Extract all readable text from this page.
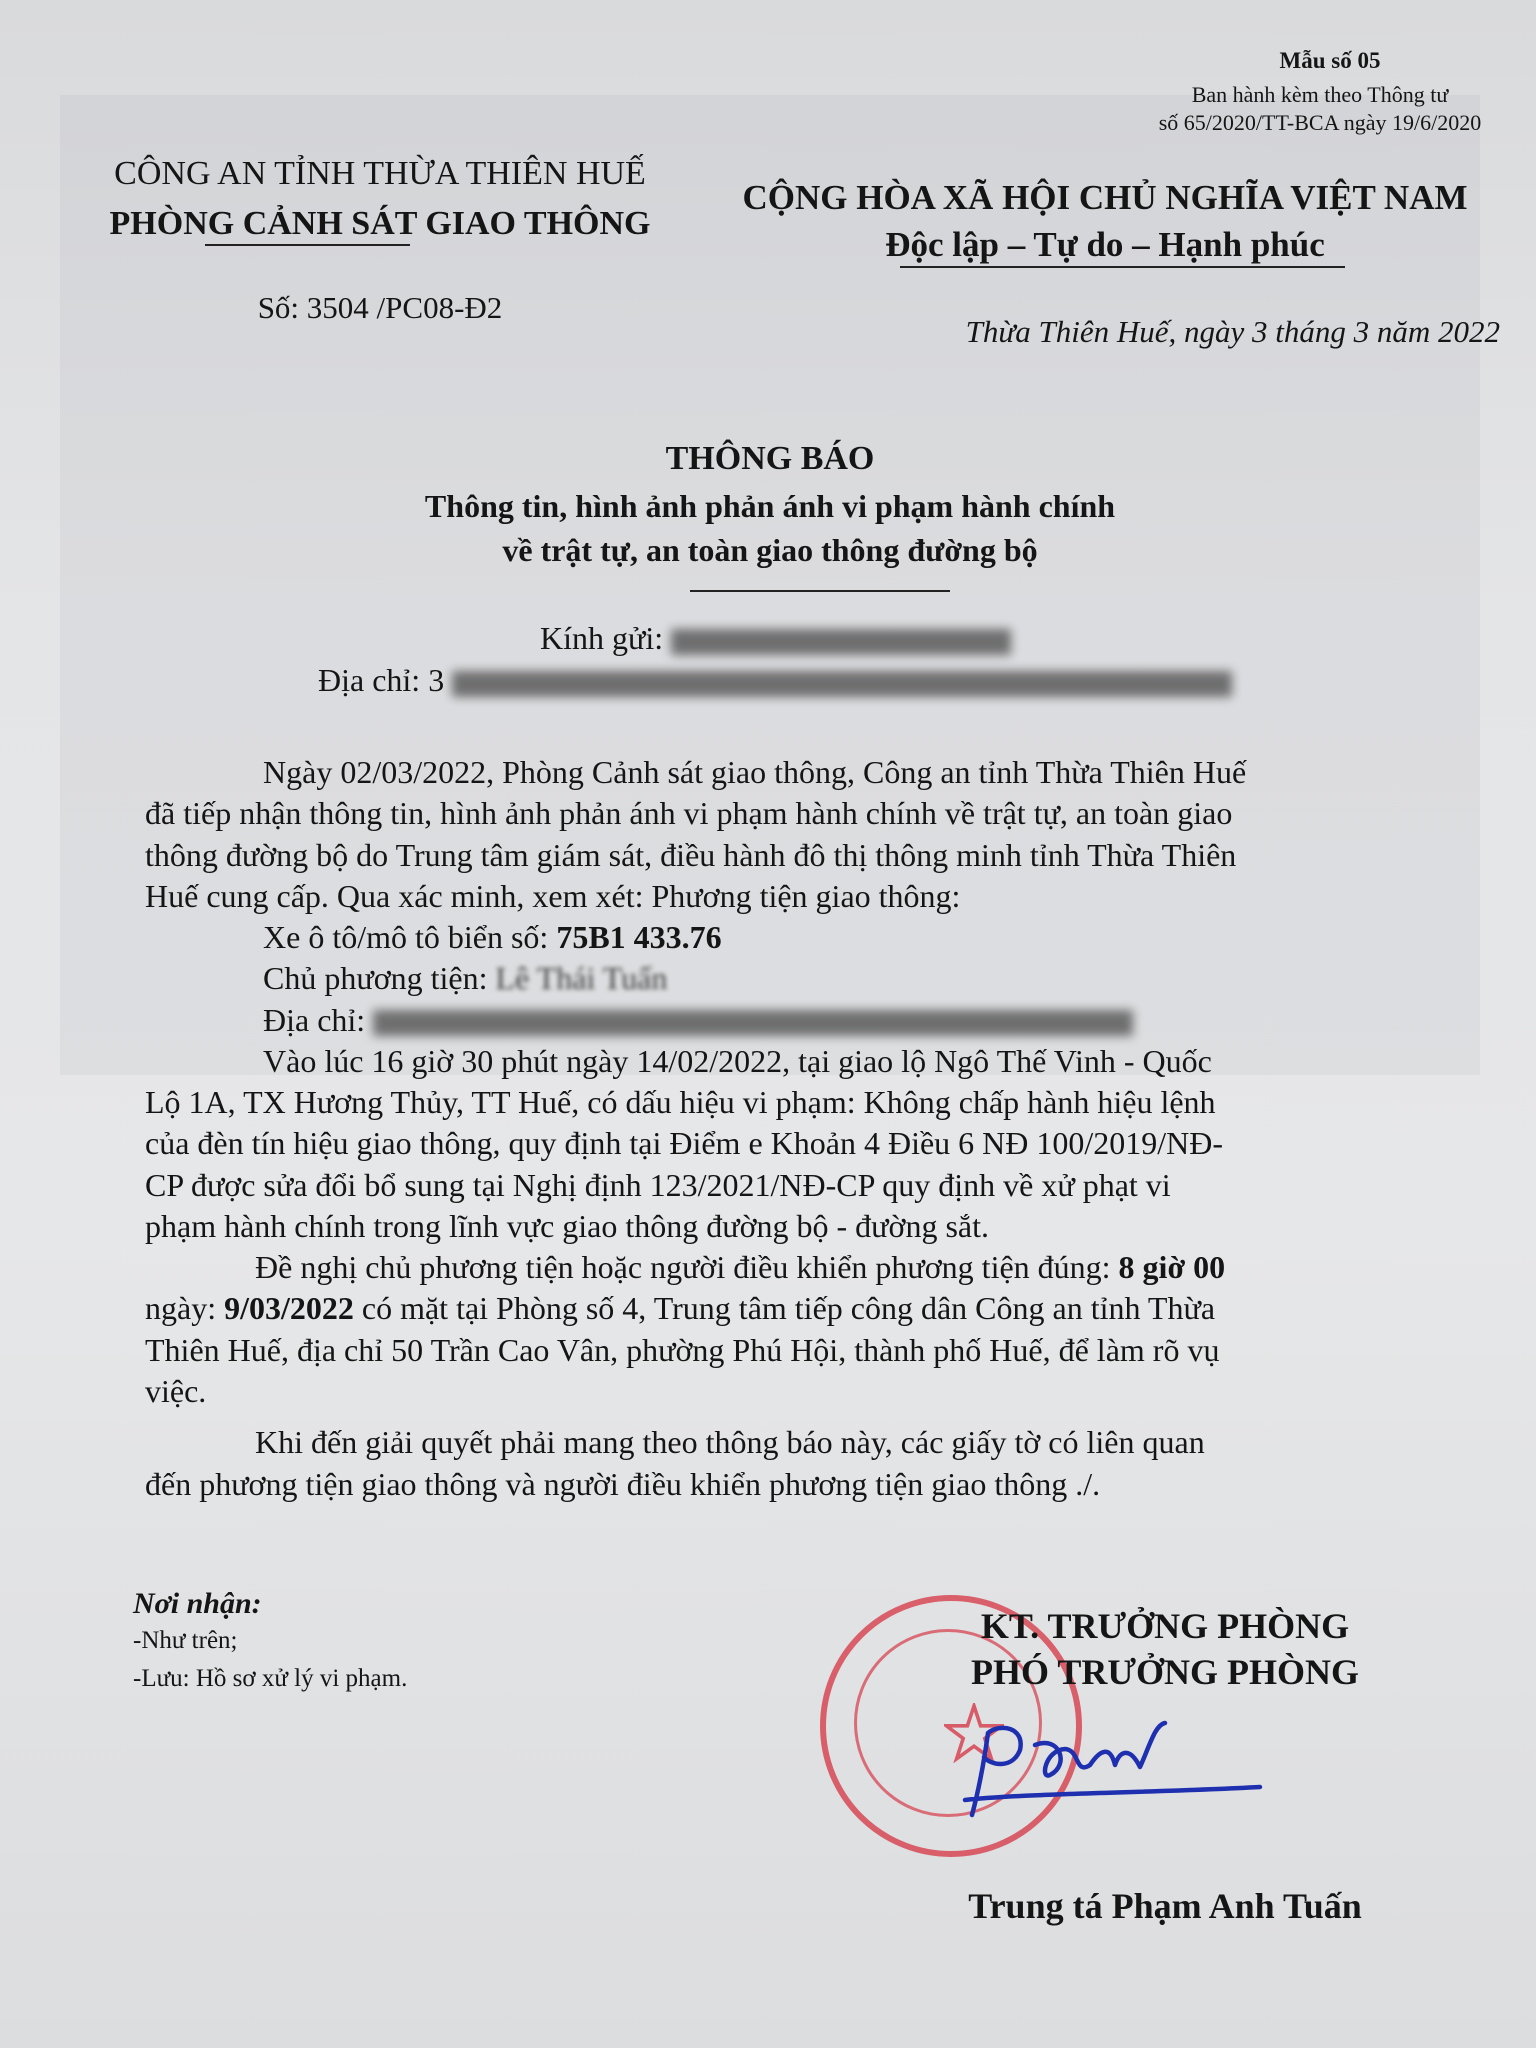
Mẫu số 05
Ban hành kèm theo Thông tư
số 65/2020/TT-BCA ngày 19/6/2020
CÔNG AN TỈNH THỪA THIÊN HUẾ
PHÒNG CẢNH SÁT GIAO THÔNG
Số: 3504 /PC08-Đ2
CỘNG HÒA XÃ HỘI CHỦ NGHĨA VIỆT NAM
Độc lập – Tự do – Hạnh phúc
Thừa Thiên Huế, ngày 3 tháng 3 năm 2022
THÔNG BÁO
Thông tin, hình ảnh phản ánh vi phạm hành chính
về trật tự, an toàn giao thông đường bộ
Kính gửi:
Địa chỉ: 3
Ngày 02/03/2022, Phòng Cảnh sát giao thông, Công an tỉnh Thừa Thiên Huế
đã tiếp nhận thông tin, hình ảnh phản ánh vi phạm hành chính về trật tự, an toàn giao
thông đường bộ do Trung tâm giám sát, điều hành đô thị thông minh tỉnh Thừa Thiên
Huế cung cấp. Qua xác minh, xem xét: Phương tiện giao thông:
Xe ô tô/mô tô biển số: 75B1 433.76
Chủ phương tiện: Lê Thái Tuấn
Địa chỉ:
Vào lúc 16 giờ 30 phút ngày 14/02/2022, tại giao lộ Ngô Thế Vinh - Quốc
Lộ 1A, TX Hương Thủy, TT Huế, có dấu hiệu vi phạm: Không chấp hành hiệu lệnh
của đèn tín hiệu giao thông, quy định tại Điểm e Khoản 4 Điều 6 NĐ 100/2019/NĐ-
CP được sửa đổi bổ sung tại Nghị định 123/2021/NĐ-CP quy định về xử phạt vi
phạm hành chính trong lĩnh vực giao thông đường bộ - đường sắt.
Đề nghị chủ phương tiện hoặc người điều khiển phương tiện đúng: 8 giờ 00
ngày: 9/03/2022 có mặt tại Phòng số 4, Trung tâm tiếp công dân Công an tỉnh Thừa
Thiên Huế, địa chỉ 50 Trần Cao Vân, phường Phú Hội, thành phố Huế, để làm rõ vụ
việc.
Khi đến giải quyết phải mang theo thông báo này, các giấy tờ có liên quan
đến phương tiện giao thông và người điều khiển phương tiện giao thông ./.
Nơi nhận:
-Như trên;
-Lưu: Hồ sơ xử lý vi phạm.
KT. TRƯỞNG PHÒNG
PHÓ TRƯỞNG PHÒNG
Trung tá Phạm Anh Tuấn
